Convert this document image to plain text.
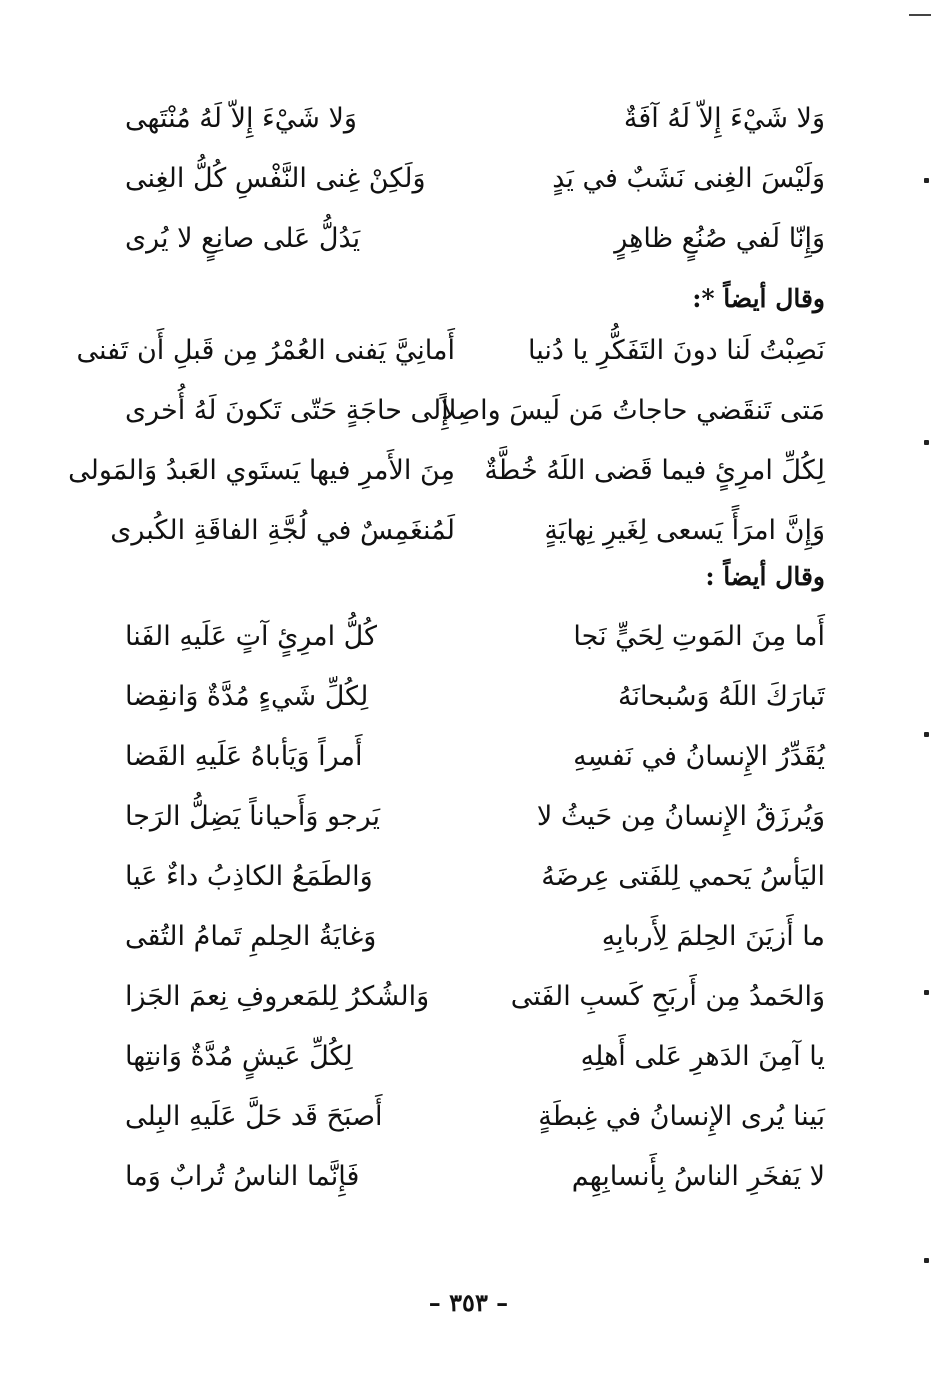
وَلا شَيْءَ إِلاّ لَهُ آفَةٌ
وَلا شَيْءَ إِلاّ لَهُ مُنْتَهى
وَلَيْسَ الغِنى نَشَبٌ في يَدٍ
وَلَكِنْ غِنى النَّفْسِ كُلُّ الغِنى
وَإِنّا لَفي صُنُعٍ ظاهِرٍ
يَدُلُّ عَلى صانِعٍ لا يُرى
وقال أيضاً *:
نَصِبْتُ لَنا دونَ التَفَكُّرِ يا دُنيا
أَمانِيَّ يَفنى العُمْرُ مِن قَبلِ أَن تَفنى
مَتى تَنقَضي حاجاتُ مَن لَيسَ واصِلاً
إِلى حاجَةٍ حَتّى تَكونَ لَهُ أُخرى
لِكُلِّ امرِئٍ فيما قَضى اللَهُ خُطَّةٌ
مِنَ الأَمرِ فيها يَستَوي العَبدُ وَالمَولى
وَإِنَّ امرَأً يَسعى لِغَيرِ نِهايَةٍ
لَمُنغَمِسٌ في لُجَّةِ الفاقَةِ الكُبرى
وقال أيضاً :
أَما مِنَ المَوتِ لِحَيٍّ نَجا
كُلُّ امرِئٍ آتٍ عَلَيهِ الفَنا
تَبارَكَ اللَهُ وَسُبحانَهُ
لِكُلِّ شَيءٍ مُدَّةٌ وَانقِضا
يُقَدِّرُ الإِنسانُ في نَفسِهِ
أَمراً وَيَأباهُ عَلَيهِ القَضا
وَيُرزَقُ الإِنسانُ مِن حَيثُ لا
يَرجو وَأَحياناً يَضِلُّ الرَجا
اليَأسُ يَحمي لِلفَتى عِرضَهُ
وَالطَمَعُ الكاذِبُ داءٌ عَيا
ما أَزيَنَ الحِلمَ لِأَربابِهِ
وَغايَةُ الحِلمِ تَمامُ التُقى
وَالحَمدُ مِن أَربَحِ كَسبِ الفَتى
وَالشُكرُ لِلمَعروفِ نِعمَ الجَزا
يا آمِنَ الدَهرِ عَلى أَهلِهِ
لِكُلِّ عَيشٍ مُدَّةٌ وَانتِها
بَينا يُرى الإِنسانُ في غِبطَةٍ
أَصبَحَ قَد حَلَّ عَلَيهِ البِلى
لا يَفخَرِ الناسُ بِأَنسابِهِم
فَإِنَّما الناسُ تُرابٌ وَما
– ٣٥٣ –
